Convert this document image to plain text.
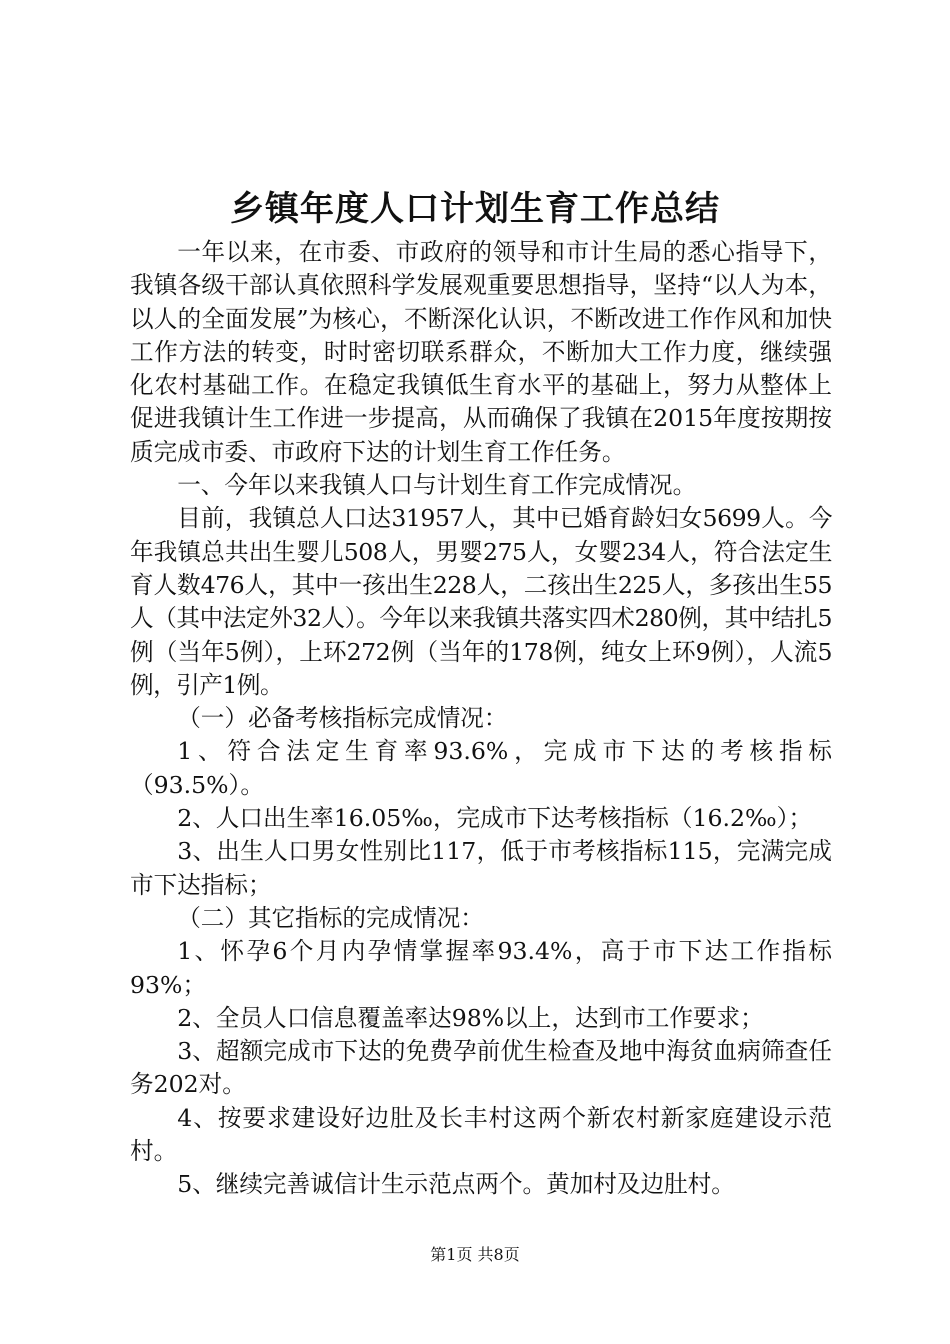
乡镇年度人口计划生育工作总结

一年以来，在市委、市政府的领导和市计生局的悉心指导下，我镇各级干部认真依照科学发展观重要思想指导，坚持“以人为本，以人的全面发展”为核心，不断深化认识，不断改进工作作风和加快工作方法的转变，时时密切联系群众，不断加大工作力度，继续强化农村基础工作。在稳定我镇低生育水平的基础上，努力从整体上促进我镇计生工作进一步提高，从而确保了我镇在2015年度按期按质完成市委、市政府下达的计划生育工作任务。

一、今年以来我镇人口与计划生育工作完成情况。

目前，我镇总人口达31957人，其中已婚育龄妇女5699人。今年我镇总共出生婴儿508人，男婴275人，女婴234人，符合法定生育人数476人，其中一孩出生228人，二孩出生225人，多孩出生55人（其中法定外32人）。今年以来我镇共落实四术280例，其中结扎5例（当年5例），上环272例（当年的178例，纯女上环9例），人流5例，引产1例。

（一）必备考核指标完成情况：

1、符合法定生育率93.6%，完成市下达的考核指标（93.5%）。

2、人口出生率16.05‰，完成市下达考核指标（16.2‰）；

3、出生人口男女性别比117，低于市考核指标115，完满完成市下达指标；

（二）其它指标的完成情况：

1、怀孕6个月内孕情掌握率93.4%，高于市下达工作指标93%；

2、全员人口信息覆盖率达98%以上，达到市工作要求；

3、超额完成市下达的免费孕前优生检查及地中海贫血病筛查任务202对。

4、按要求建设好边肚及长丰村这两个新农村新家庭建设示范村。

5、继续完善诚信计生示范点两个。黄加村及边肚村。

第1页 共8页
